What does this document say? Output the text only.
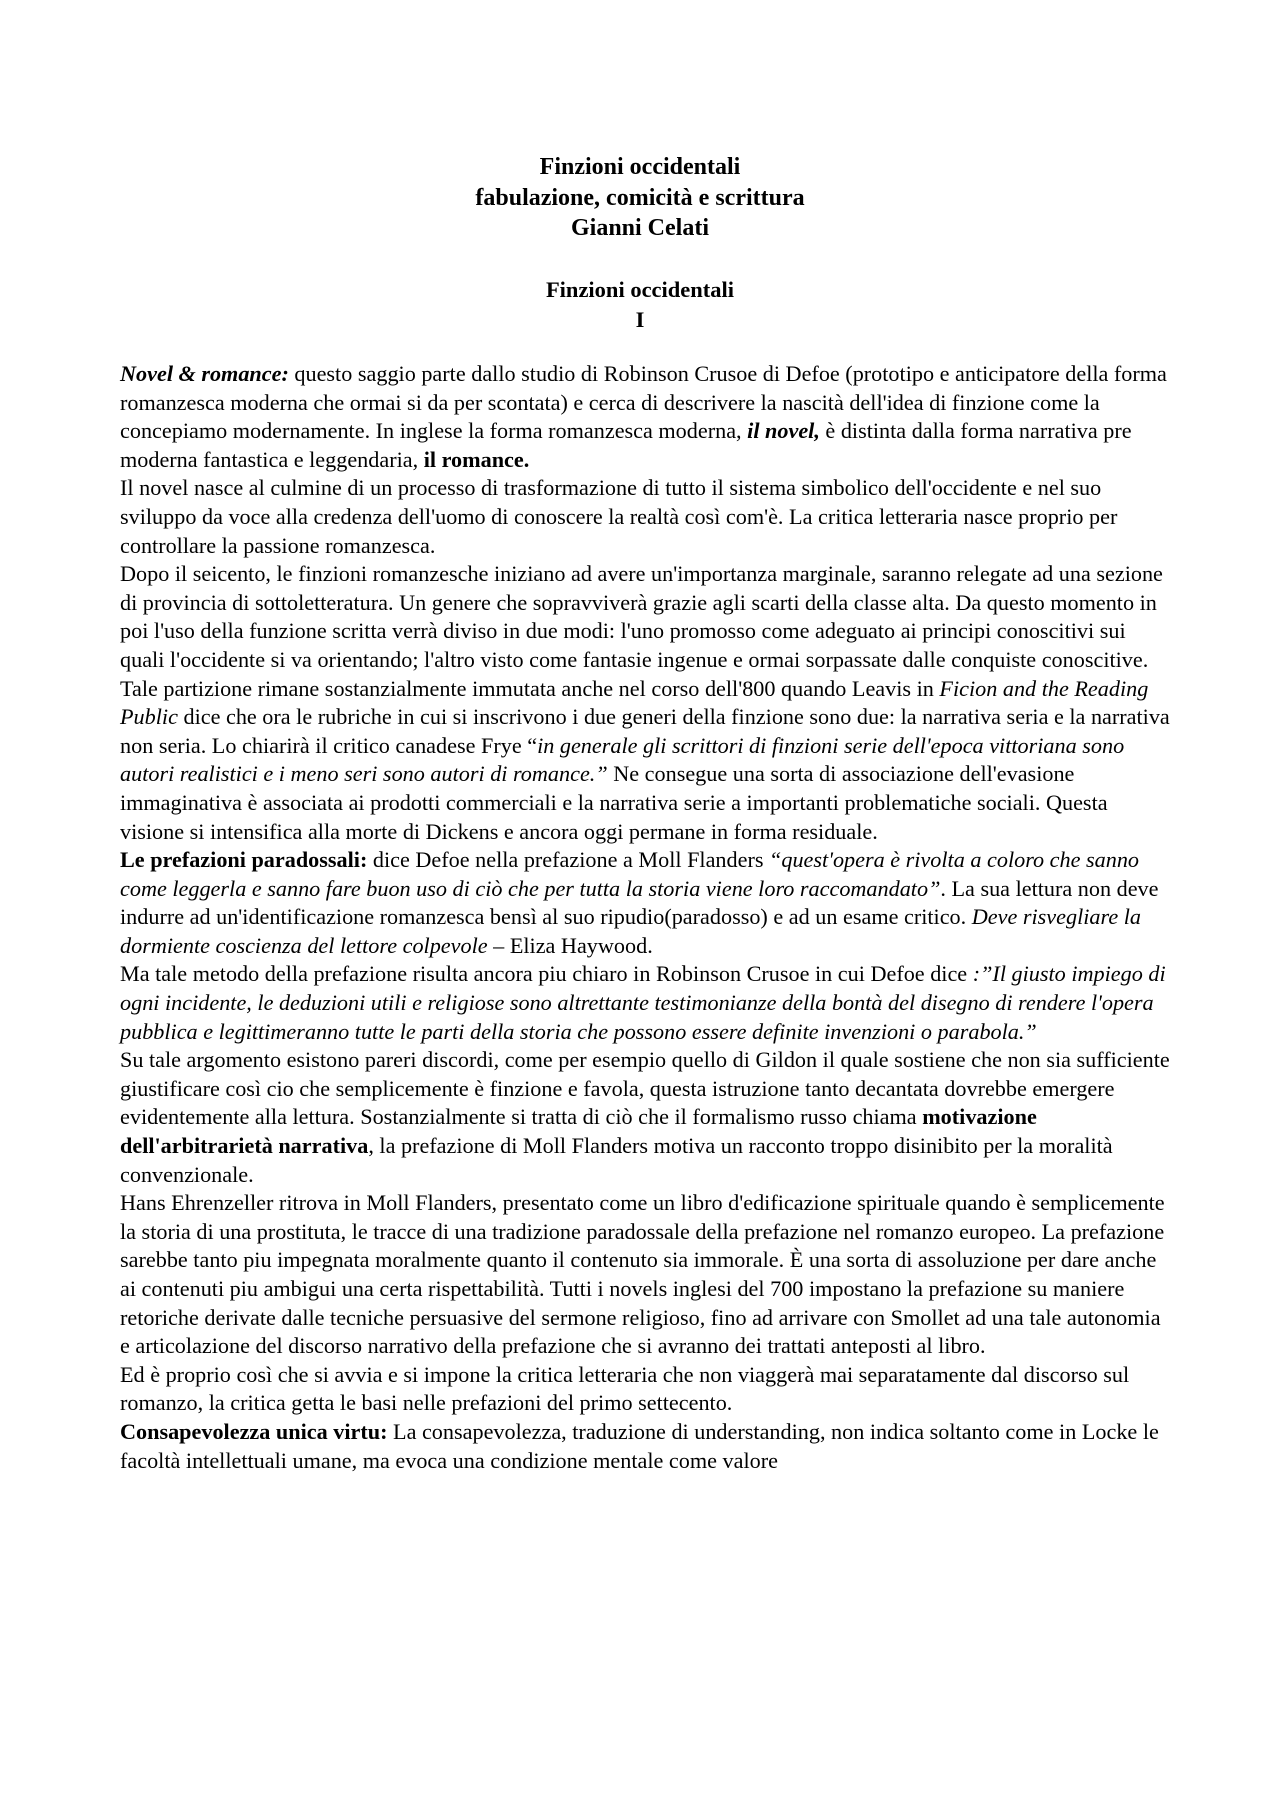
Finzioni occidentali
fabulazione, comicità e scrittura
Gianni Celati
Finzioni occidentali
I

Novel & romance: questo saggio parte dallo studio di Robinson Crusoe di Defoe (prototipo e anticipatore della forma romanzesca moderna che ormai si da per scontata) e cerca di descrivere la nascità dell'idea di finzione come la concepiamo modernamente. In inglese la forma romanzesca moderna, il novel, è distinta dalla forma narrativa pre moderna fantastica e leggendaria, il romance.

Il novel nasce al culmine di un processo di trasformazione di tutto il sistema simbolico dell'occidente e nel suo sviluppo da voce alla credenza dell'uomo di conoscere la realtà così com'è. La critica letteraria nasce proprio per controllare la passione romanzesca.

Dopo il seicento, le finzioni romanzesche iniziano ad avere un'importanza marginale, saranno relegate ad una sezione di provincia di sottoletteratura. Un genere che sopravviverà grazie agli scarti della classe alta. Da questo momento in poi l'uso della funzione scritta verrà diviso in due modi: l'uno promosso come adeguato ai principi conoscitivi sui quali l'occidente si va orientando; l'altro visto come fantasie ingenue e ormai sorpassate dalle conquiste conoscitive.

Tale partizione rimane sostanzialmente immutata anche nel corso dell'800 quando Leavis in Ficion and the Reading Public dice che ora le rubriche in cui si inscrivono i due generi della finzione sono due: la narrativa seria e la narrativa non seria. Lo chiarirà il critico canadese Frye “in generale gli scrittori di finzioni serie dell'epoca vittoriana sono autori realistici e i meno seri sono autori di romance.” Ne consegue una sorta di associazione dell'evasione immaginativa è associata ai prodotti commerciali e la narrativa serie a importanti problematiche sociali. Questa visione si intensifica alla morte di Dickens e ancora oggi permane in forma residuale.

Le prefazioni paradossali: dice Defoe nella prefazione a Moll Flanders “quest'opera è rivolta a coloro che sanno come leggerla e sanno fare buon uso di ciò che per tutta la storia viene loro raccomandato”. La sua lettura non deve indurre ad un'identificazione romanzesca bensì al suo ripudio(paradosso) e ad un esame critico. Deve risvegliare la dormiente coscienza del lettore colpevole – Eliza Haywood.

Ma tale metodo della prefazione risulta ancora piu chiaro in Robinson Crusoe in cui Defoe dice :”Il giusto impiego di ogni incidente, le deduzioni utili e religiose sono altrettante testimonianze della bontà del disegno di rendere l'opera pubblica e legittimeranno tutte le parti della storia che possono essere definite invenzioni o parabola.”

Su tale argomento esistono pareri discordi, come per esempio quello di Gildon il quale sostiene che non sia sufficiente giustificare così cio che semplicemente è finzione e favola, questa istruzione tanto decantata dovrebbe emergere evidentemente alla lettura. Sostanzialmente si tratta di ciò che il formalismo russo chiama motivazione dell'arbitrarietà narrativa, la prefazione di Moll Flanders motiva un racconto troppo disinibito per la moralità convenzionale.

Hans Ehrenzeller ritrova in Moll Flanders, presentato come un libro d'edificazione spirituale quando è semplicemente la storia di una prostituta, le tracce di una tradizione paradossale della prefazione nel romanzo europeo. La prefazione sarebbe tanto piu impegnata moralmente quanto il contenuto sia immorale. È una sorta di assoluzione per dare anche ai contenuti piu ambigui una certa rispettabilità. Tutti i novels inglesi del 700 impostano la prefazione su maniere retoriche derivate dalle tecniche persuasive del sermone religioso, fino ad arrivare con Smollet ad una tale autonomia e articolazione del discorso narrativo della prefazione che si avranno dei trattati anteposti al libro.

Ed è proprio così che si avvia e si impone la critica letteraria che non viaggerà mai separatamente dal discorso sul romanzo, la critica getta le basi nelle prefazioni del primo settecento.

Consapevolezza unica virtu: La consapevolezza, traduzione di understanding, non indica soltanto come in Locke le facoltà intellettuali umane, ma evoca una condizione mentale come valore
